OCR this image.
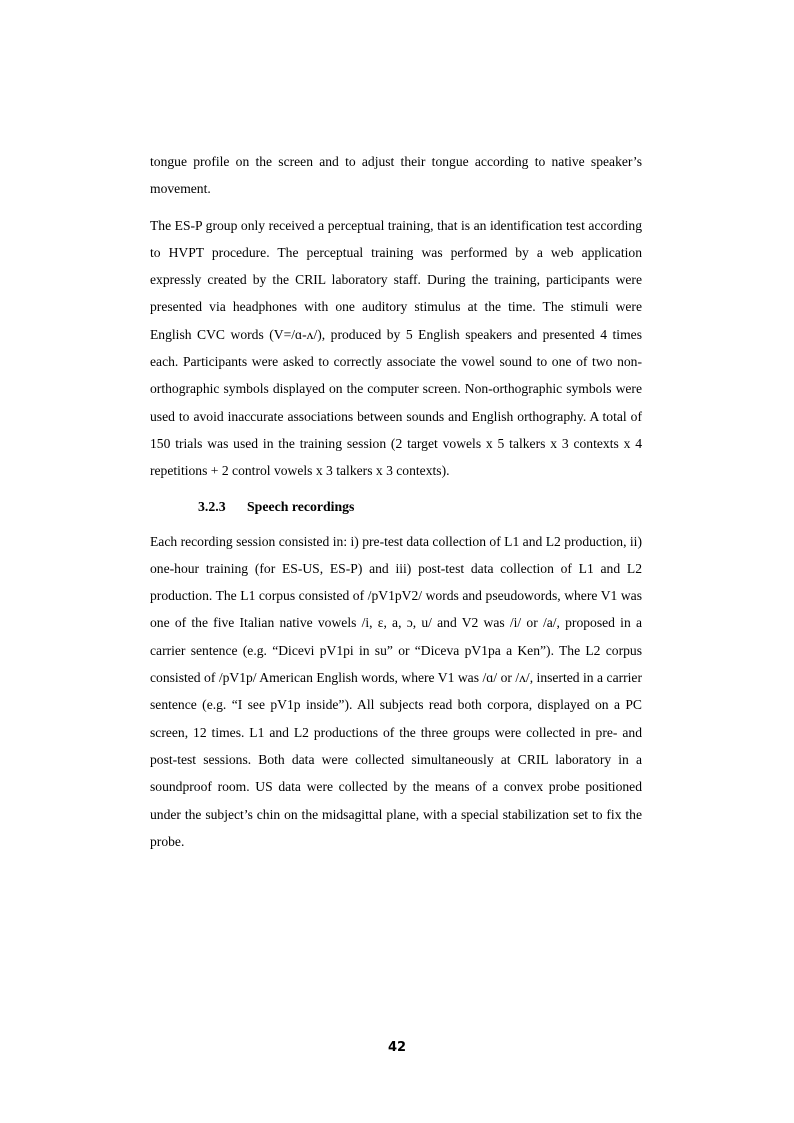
tongue profile on the screen and to adjust their tongue according to native speaker’s movement.

The ES-P group only received a perceptual training, that is an identification test according to HVPT procedure. The perceptual training was performed by a web application expressly created by the CRIL laboratory staff. During the training, participants were presented via headphones with one auditory stimulus at the time. The stimuli were English CVC words (V=/ɑ-ʌ/), produced by 5 English speakers and presented 4 times each. Participants were asked to correctly associate the vowel sound to one of two non-orthographic symbols displayed on the computer screen. Non-orthographic symbols were used to avoid inaccurate associations between sounds and English orthography. A total of 150 trials was used in the training session (2 target vowels x 5 talkers x 3 contexts x 4 repetitions + 2 control vowels x 3 talkers x 3 contexts).

3.2.3 Speech recordings

Each recording session consisted in: i) pre-test data collection of L1 and L2 production, ii) one-hour training (for ES-US, ES-P) and iii) post-test data collection of L1 and L2 production. The L1 corpus consisted of /pV1pV2/ words and pseudowords, where V1 was one of the five Italian native vowels /i, ɛ, a, ɔ, u/ and V2 was /i/ or /a/, proposed in a carrier sentence (e.g. “Dicevi pV1pi in su” or “Diceva pV1pa a Ken”). The L2 corpus consisted of /pV1p/ American English words, where V1 was /ɑ/ or /ʌ/, inserted in a carrier sentence (e.g. “I see pV1p inside”). All subjects read both corpora, displayed on a PC screen, 12 times. L1 and L2 productions of the three groups were collected in pre- and post-test sessions. Both data were collected simultaneously at CRIL laboratory in a soundproof room. US data were collected by the means of a convex probe positioned under the subject’s chin on the midsagittal plane, with a special stabilization set to fix the probe.

42
